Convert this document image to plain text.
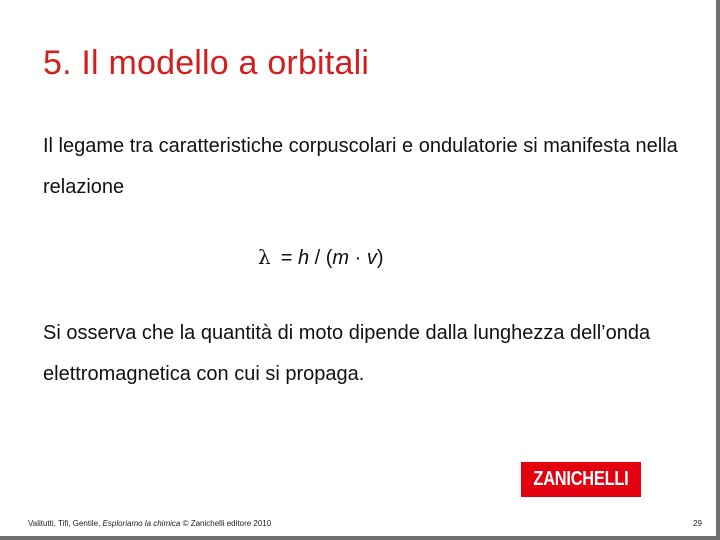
5. Il modello a orbitali
Il legame tra caratteristiche corpuscolari e ondulatorie si manifesta nella relazione
λ = h / (m · v)
Si osserva che la quantità di moto dipende dalla lunghezza dell’onda elettromagnetica con cui si propaga.
ZANICHELLI
Valitutti, Tifi, Gentile, Esploriamo la chimica © Zanichelli editore 2010	29
